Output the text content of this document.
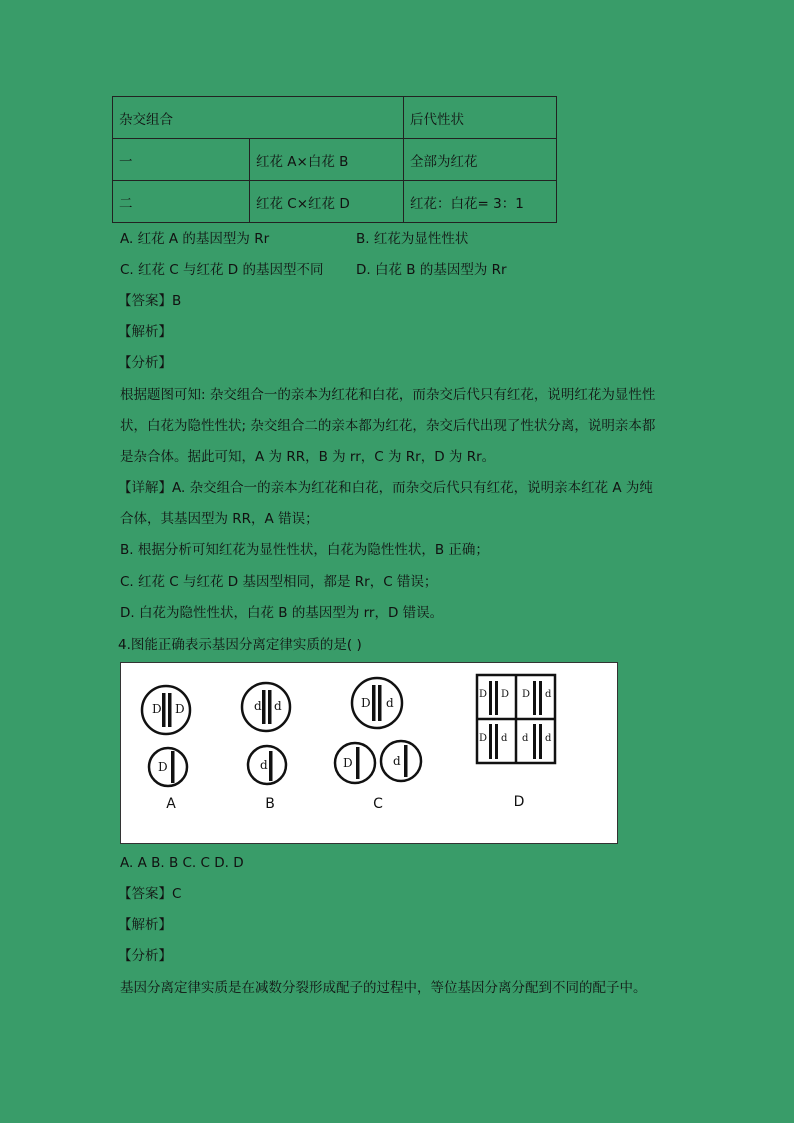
杂交组合		后代性状
一	红花 A×白花 B	全部为红花
二	红花 C×红花 D	红花：白花= 3：1
A. 红花 A 的基因型为 Rr	B. 红花为显性性状
C. 红花 C 与红花 D 的基因型不同 D. 白花 B 的基因型为 Rr
【答案】B
【解析】
【分析】
根据题图可知: 杂交组合一的亲本为红花和白花，而杂交后代只有红花，说明红花为显性性
状，白花为隐性性状; 杂交组合二的亲本都为红花，杂交后代出现了性状分离，说明亲本都
是杂合体。据此可知，A 为 RR，B 为 rr，C 为 Rr，D 为 Rr。
【详解】A. 杂交组合一的亲本为红花和白花，而杂交后代只有红花，说明亲本红花 A 为纯
合体，其基因型为 RR，A 错误；
B. 根据分析可知红花为显性性状，白花为隐性性状，B 正确；
C. 红花 C 与红花 D 基因型相同，都是 Rr，C 错误；
D. 白花为隐性性状，白花 B 的基因型为 rr，D 错误。
4.图能正确表示基因分离定律实质的是( )
D D
D
d d
d
D d
D	d
D D D d
D d d d
A	B	C	D
A. A B. B C. C D. D
【答案】C
【解析】
【分析】
基因分离定律实质是在减数分裂形成配子的过程中，等位基因分离分配到不同的配子中。
